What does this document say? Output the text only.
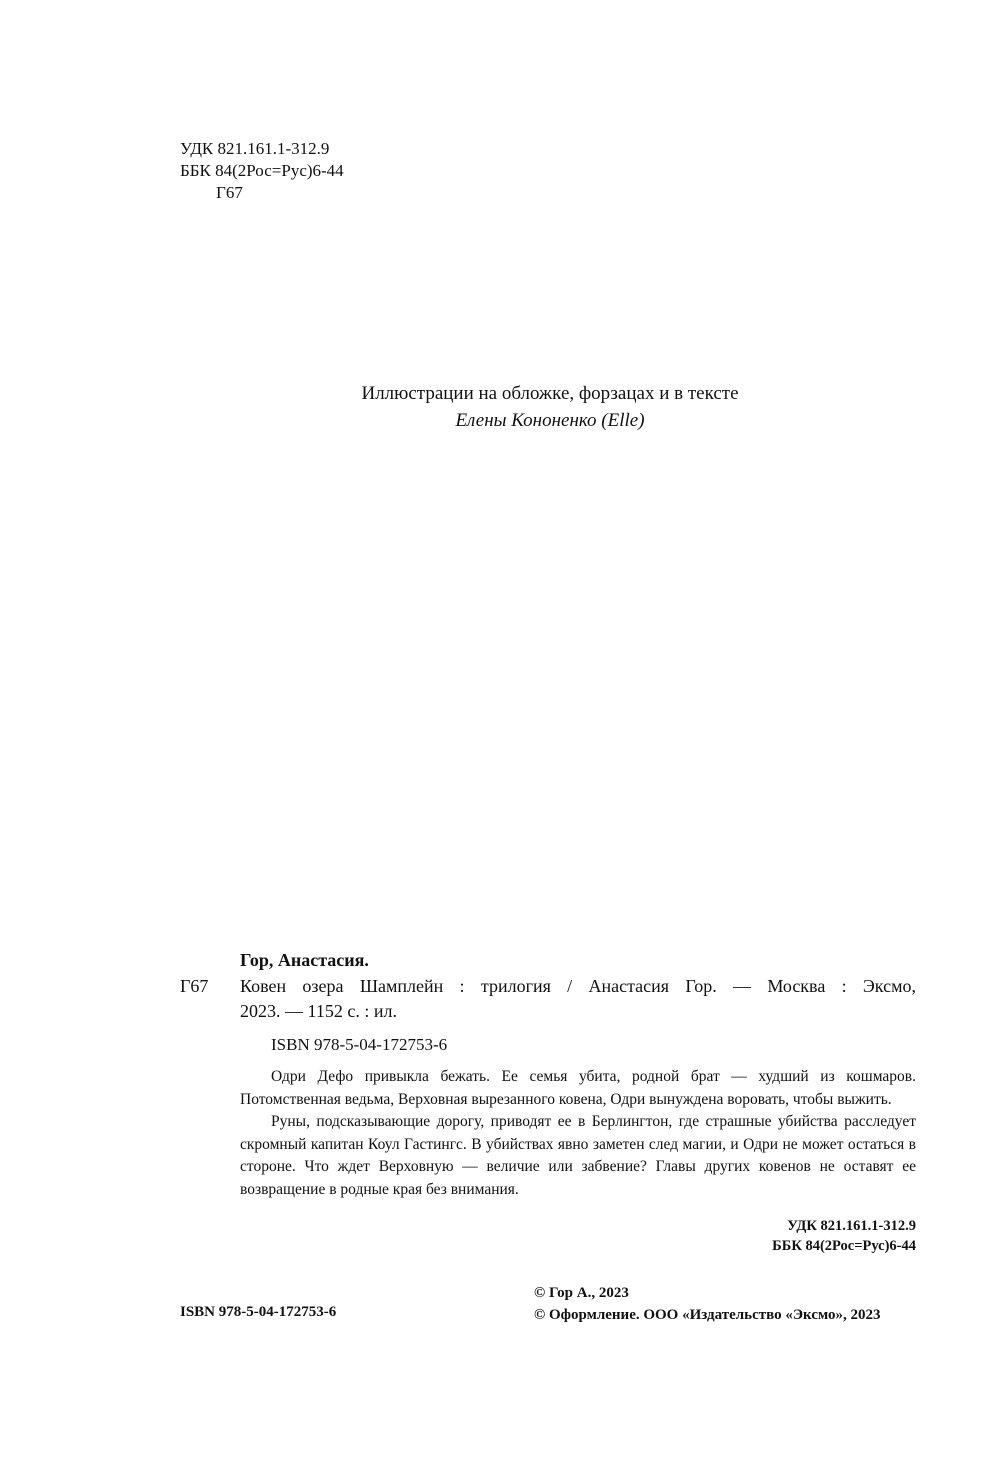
УДК 821.161.1-312.9
ББК 84(2Рос=Рус)6-44
Г67
Иллюстрации на обложке, форзацах и в тексте
Елены Кононенко (Elle)
Гор, Анастасия.
Г67 Ковен озера Шамплейн : трилогия / Анастасия Гор. — Москва : Эксмо,
2023. — 1152 с. : ил.
ISBN 978-5-04-172753-6

Одри Дефо привыкла бежать. Ее семья убита, родной брат — худший из кошмаров. Потомственная ведьма, Верховная вырезанного ковена, Одри вынуждена воровать, чтобы выжить.

Руны, подсказывающие дорогу, приводят ее в Берлингтон, где страшные убийства расследует скромный капитан Коул Гастингс. В убийствах явно заметен след магии, и Одри не может остаться в стороне. Что ждет Верховную — величие или забвение? Главы других ковенов не оставят ее возвращение в родные края без внимания.

УДК 821.161.1-312.9
ББК 84(2Рос=Рус)6-44
ISBN 978-5-04-172753-6
© Гор А., 2023
© Оформление. ООО «Издательство «Эксмо», 2023
